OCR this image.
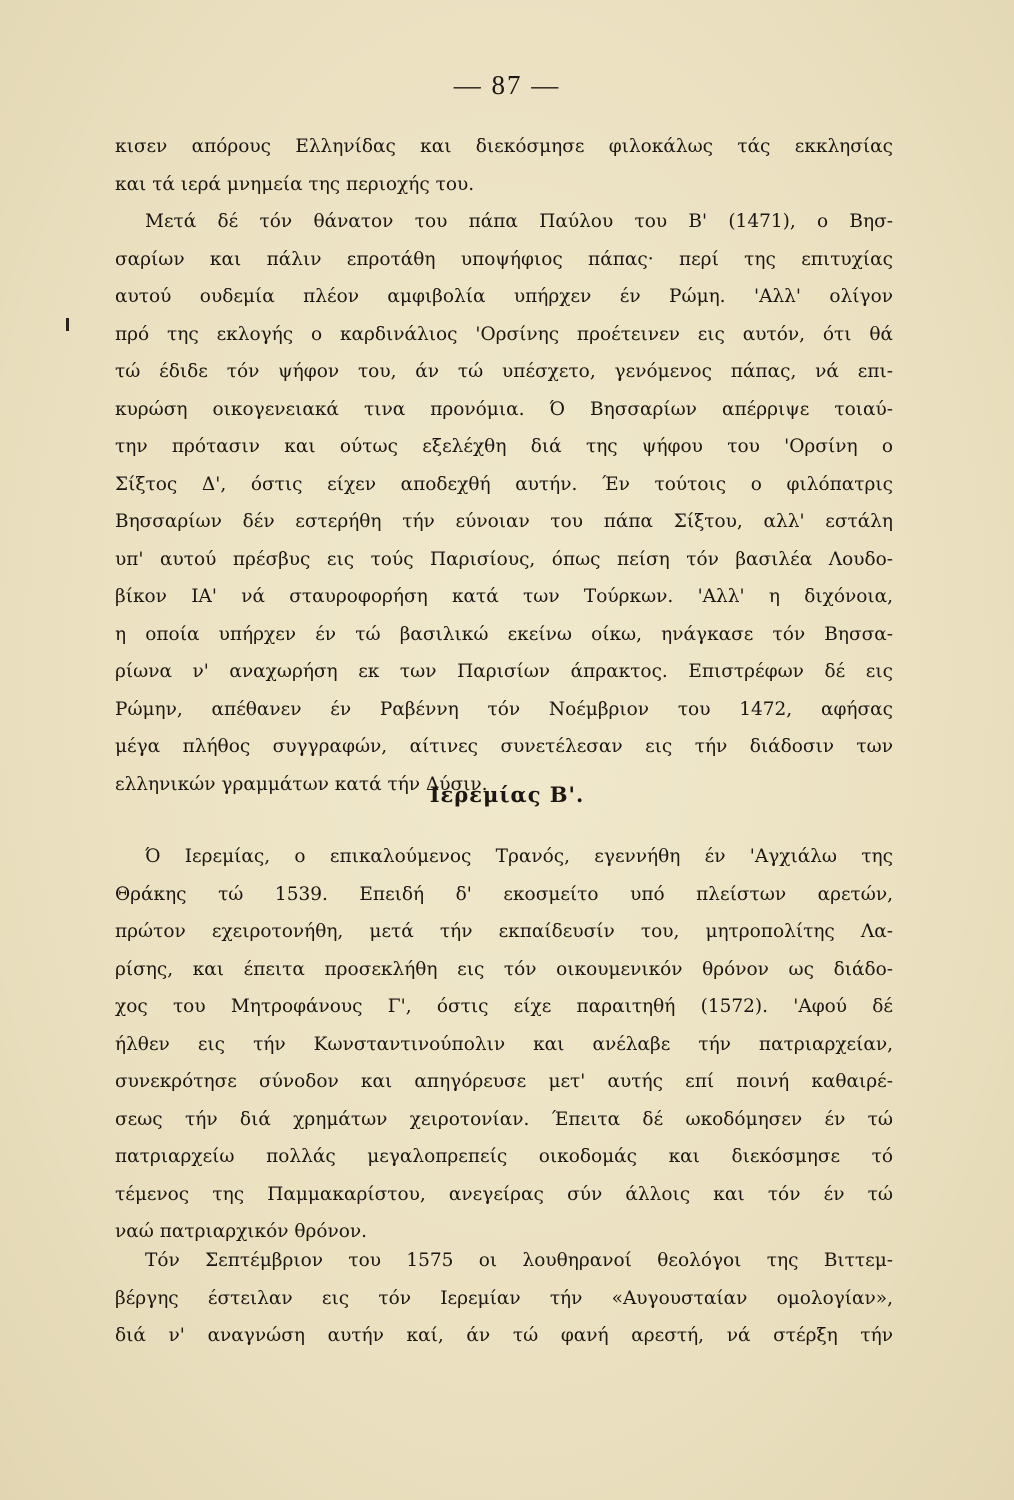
— 87 —
κισεν απόρους Ελληνίδας και διεκόσμησε φιλοκάλως τάς εκκλησίας
και τά ιερά μνημεία της περιοχής του.
Μετά δέ τόν θάνατον του πάπα Παύλου του Β' (1471), ο Βησ-
σαρίων και πάλιν επροτάθη υποψήφιος πάπας· περί της επιτυχίας
αυτού ουδεμία πλέον αμφιβολία υπήρχεν έν Ρώμη. 'Αλλ' ολίγον
πρό της εκλογής ο καρδινάλιος 'Ορσίνης προέτεινεν εις αυτόν, ότι θά
τώ έδιδε τόν ψήφον του, άν τώ υπέσχετο, γενόμενος πάπας, νά επι-
κυρώση οικογενειακά τινα προνόμια. Ό Βησσαρίων απέρριψε τοιαύ-
την πρότασιν και ούτως εξελέχθη διά της ψήφου του 'Ορσίνη ο
Σίξτος Δ', όστις είχεν αποδεχθή αυτήν. Έν τούτοις ο φιλόπατρις
Βησσαρίων δέν εστερήθη τήν εύνοιαν του πάπα Σίξτου, αλλ' εστάλη
υπ' αυτού πρέσβυς εις τούς Παρισίους, όπως πείση τόν βασιλέα Λουδο-
βίκον ΙΑ' νά σταυροφορήση κατά των Τούρκων. 'Αλλ' η διχόνοια,
η οποία υπήρχεν έν τώ βασιλικώ εκείνω οίκω, ηνάγκασε τόν Βησσα-
ρίωνα ν' αναχωρήση εκ των Παρισίων άπρακτος. Επιστρέφων δέ εις
Ρώμην, απέθανεν έν Ραβέννη τόν Νοέμβριον του 1472, αφήσας
μέγα πλήθος συγγραφών, αίτινες συνετέλεσαν εις τήν διάδοσιν των
ελληνικών γραμμάτων κατά τήν Δύσιν.
Ιερεμίας Β'.
Ό Ιερεμίας, ο επικαλούμενος Τρανός, εγεννήθη έν 'Αγχιάλω της
Θράκης τώ 1539. Επειδή δ' εκοσμείτο υπό πλείστων αρετών,
πρώτον εχειροτονήθη, μετά τήν εκπαίδευσίν του, μητροπολίτης Λα-
ρίσης, και έπειτα προσεκλήθη εις τόν οικουμενικόν θρόνον ως διάδο-
χος του Μητροφάνους Γ', όστις είχε παραιτηθή (1572). 'Αφού δέ
ήλθεν εις τήν Κωνσταντινούπολιν και ανέλαβε τήν πατριαρχείαν,
συνεκρότησε σύνοδον και απηγόρευσε μετ' αυτής επί ποινή καθαιρέ-
σεως τήν διά χρημάτων χειροτονίαν. Έπειτα δέ ωκοδόμησεν έν τώ
πατριαρχείω πολλάς μεγαλοπρεπείς οικοδομάς και διεκόσμησε τό
τέμενος της Παμμακαρίστου, ανεγείρας σύν άλλοις και τόν έν τώ
ναώ πατριαρχικόν θρόνον.
Τόν Σεπτέμβριον του 1575 οι λουθηρανοί θεολόγοι της Βιττεμ-
βέργης έστειλαν εις τόν Ιερεμίαν τήν «Αυγουσταίαν ομολογίαν»,
διά ν' αναγνώση αυτήν καί, άν τώ φανή αρεστή, νά στέρξη τήν
